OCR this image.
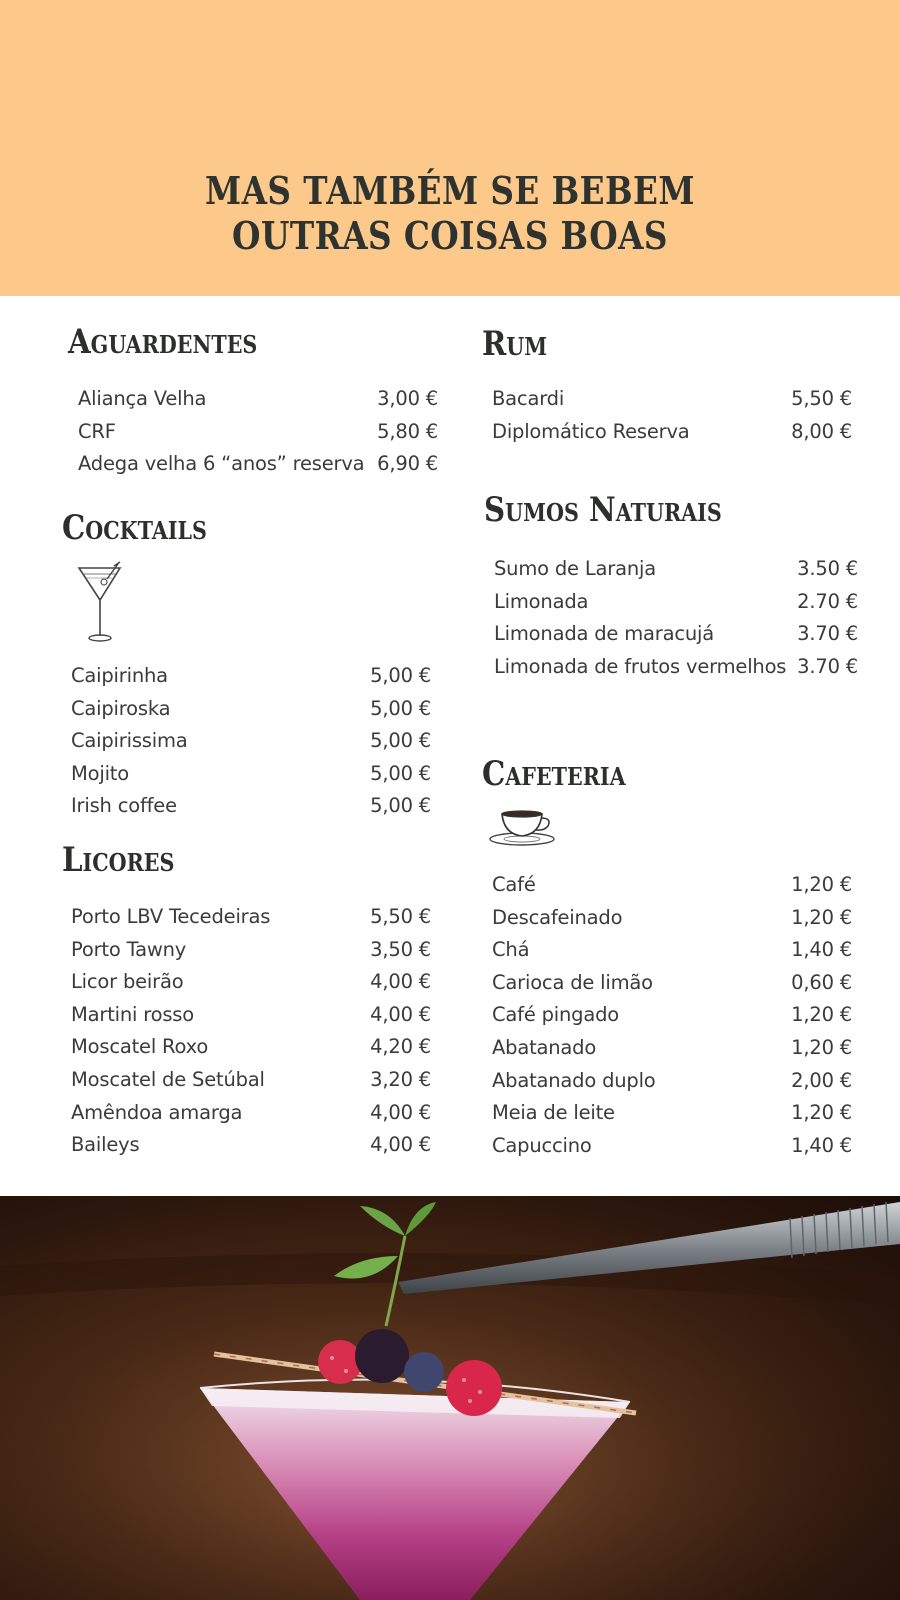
MAS TAMBÉM SE BEBEM
OUTRAS COISAS BOAS
Aguardentes
Aliança Velha	3,00 €
CRF	5,80 €
Adega velha 6 “anos” reserva 6,90 €
Rum
Bacardi	5,50 €
Diplomático Reserva	8,00 €
Cocktails
Caipirinha	5,00 €
Caipiroska	5,00 €
Caipirissima	5,00 €
Mojito	5,00 €
Irish coffee	5,00 €
Sumos Naturais
Sumo de Laranja	3.50 €
Limonada	2.70 €
Limonada de maracujá	3.70 €
Limonada de frutos vermelhos 3.70 €
Licores
Porto LBV Tecedeiras	5,50 €
Porto Tawny	3,50 €
Licor beirão	4,00 €
Martini rosso	4,00 €
Moscatel Roxo	4,20 €
Moscatel de Setúbal	3,20 €
Amêndoa amarga	4,00 €
Baileys	4,00 €
Cafeteria
Café	1,20 €
Descafeinado	1,20 €
Chá	1,40 €
Carioca de limão	0,60 €
Café pingado	1,20 €
Abatanado	1,20 €
Abatanado duplo	2,00 €
Meia de leite	1,20 €
Capuccino	1,40 €
